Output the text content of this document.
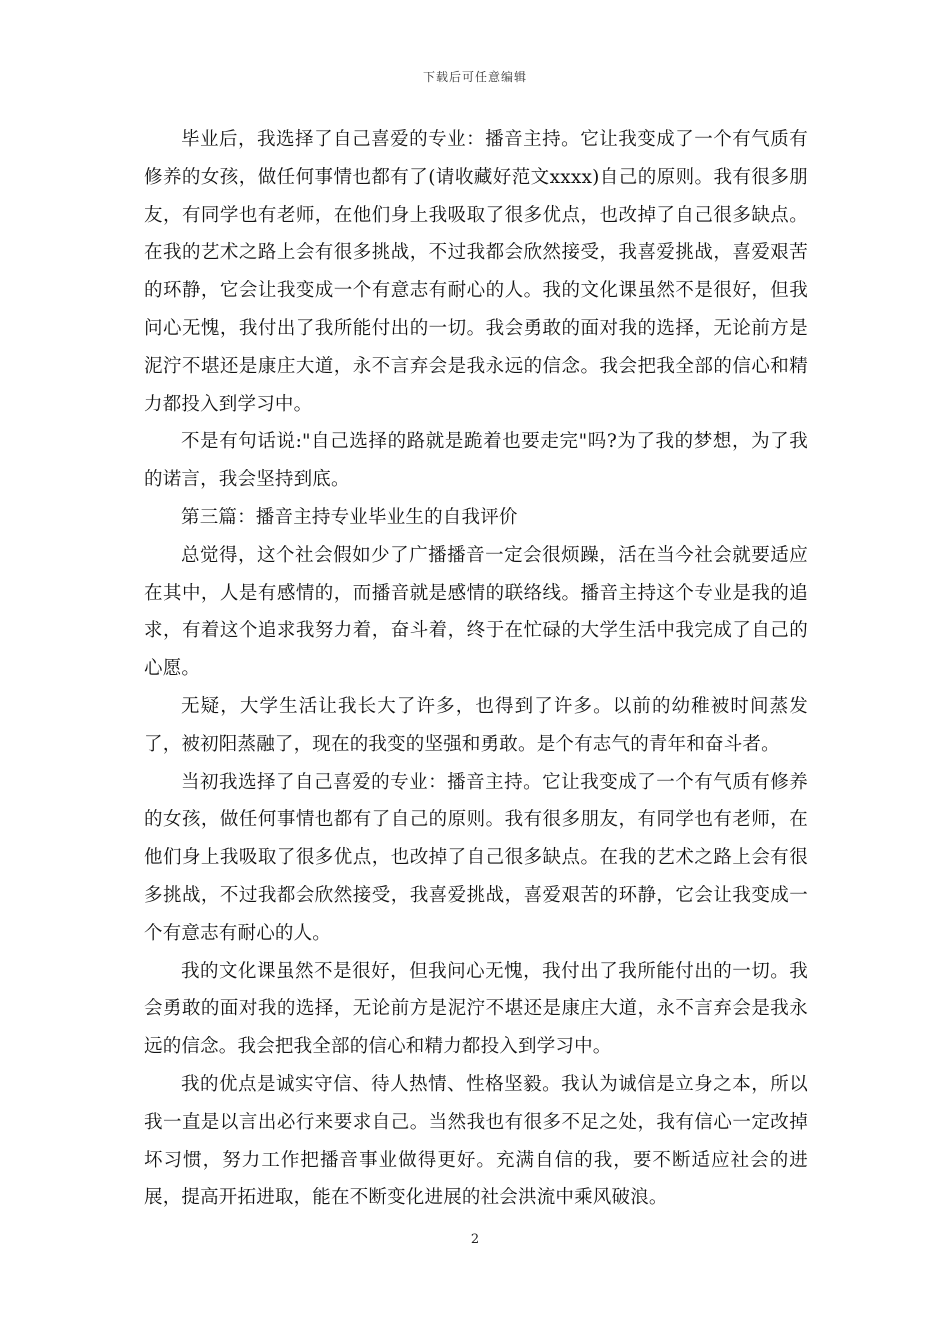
下载后可任意编辑

毕业后，我选择了自己喜爱的专业：播音主持。它让我变成了一个有气质有修养的女孩，做任何事情也都有了(请收藏好范文xxxx)自己的原则。我有很多朋友，有同学也有老师，在他们身上我吸取了很多优点，也改掉了自己很多缺点。在我的艺术之路上会有很多挑战，不过我都会欣然接受，我喜爱挑战，喜爱艰苦的环静，它会让我变成一个有意志有耐心的人。我的文化课虽然不是很好，但我问心无愧，我付出了我所能付出的一切。我会勇敢的面对我的选择，无论前方是泥泞不堪还是康庄大道，永不言弃会是我永远的信念。我会把我全部的信心和精力都投入到学习中。

不是有句话说:"自己选择的路就是跪着也要走完"吗?为了我的梦想，为了我的诺言，我会坚持到底。

第三篇：播音主持专业毕业生的自我评价

总觉得，这个社会假如少了广播播音一定会很烦躁，活在当今社会就要适应在其中，人是有感情的，而播音就是感情的联络线。播音主持这个专业是我的追求，有着这个追求我努力着，奋斗着，终于在忙碌的大学生活中我完成了自己的心愿。

无疑，大学生活让我长大了许多，也得到了许多。以前的幼稚被时间蒸发了，被初阳蒸融了，现在的我变的坚强和勇敢。是个有志气的青年和奋斗者。

当初我选择了自己喜爱的专业：播音主持。它让我变成了一个有气质有修养的女孩，做任何事情也都有了自己的原则。我有很多朋友，有同学也有老师，在他们身上我吸取了很多优点，也改掉了自己很多缺点。在我的艺术之路上会有很多挑战，不过我都会欣然接受，我喜爱挑战，喜爱艰苦的环静，它会让我变成一个有意志有耐心的人。

我的文化课虽然不是很好，但我问心无愧，我付出了我所能付出的一切。我会勇敢的面对我的选择，无论前方是泥泞不堪还是康庄大道，永不言弃会是我永远的信念。我会把我全部的信心和精力都投入到学习中。

我的优点是诚实守信、待人热情、性格坚毅。我认为诚信是立身之本，所以我一直是以言出必行来要求自己。当然我也有很多不足之处，我有信心一定改掉坏习惯，努力工作把播音事业做得更好。充满自信的我，要不断适应社会的进展，提高开拓进取，能在不断变化进展的社会洪流中乘风破浪。

2
